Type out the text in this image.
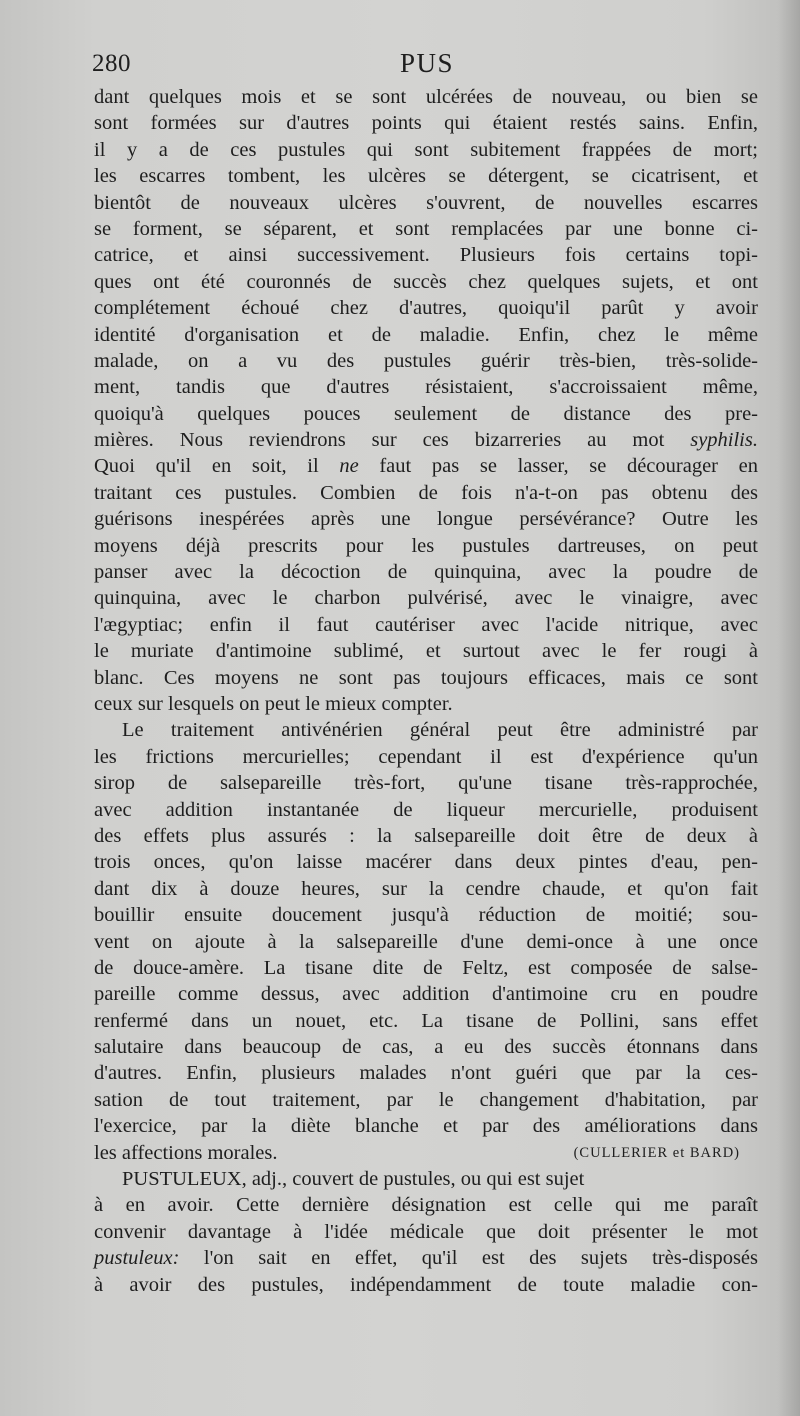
280	PUS
dant quelques mois et se sont ulcérées de nouveau, ou bien se
sont formées sur d'autres points qui étaient restés sains. Enfin,
il y a de ces pustules qui sont subitement frappées de mort;
les escarres tombent, les ulcères se détergent, se cicatrisent, et
bientôt de nouveaux ulcères s'ouvrent, de nouvelles escarres
se forment, se séparent, et sont remplacées par une bonne ci-
catrice, et ainsi successivement. Plusieurs fois certains topi-
ques ont été couronnés de succès chez quelques sujets, et ont
complétement échoué chez d'autres, quoiqu'il parût y avoir
identité d'organisation et de maladie. Enfin, chez le même
malade, on a vu des pustules guérir très-bien, très-solide-
ment, tandis que d'autres résistaient, s'accroissaient même,
quoiqu'à quelques pouces seulement de distance des pre-
mières. Nous reviendrons sur ces bizarreries au mot syphilis.
Quoi qu'il en soit, il ne faut pas se lasser, se décourager en
traitant ces pustules. Combien de fois n'a-t-on pas obtenu des
guérisons inespérées après une longue persévérance? Outre les
moyens déjà prescrits pour les pustules dartreuses, on peut
panser avec la décoction de quinquina, avec la poudre de
quinquina, avec le charbon pulvérisé, avec le vinaigre, avec
l'ægyptiac; enfin il faut cautériser avec l'acide nitrique, avec
le muriate d'antimoine sublimé, et surtout avec le fer rougi à
blanc. Ces moyens ne sont pas toujours efficaces, mais ce sont
ceux sur lesquels on peut le mieux compter.
Le traitement antivénérien général peut être administré par
les frictions mercurielles; cependant il est d'expérience qu'un
sirop de salsepareille très-fort, qu'une tisane très-rapprochée,
avec addition instantanée de liqueur mercurielle, produisent
des effets plus assurés : la salsepareille doit être de deux à
trois onces, qu'on laisse macérer dans deux pintes d'eau, pen-
dant dix à douze heures, sur la cendre chaude, et qu'on fait
bouillir ensuite doucement jusqu'à réduction de moitié; sou-
vent on ajoute à la salsepareille d'une demi-once à une once
de douce-amère. La tisane dite de Feltz, est composée de salse-
pareille comme dessus, avec addition d'antimoine cru en poudre
renfermé dans un nouet, etc. La tisane de Pollini, sans effet
salutaire dans beaucoup de cas, a eu des succès étonnans dans
d'autres. Enfin, plusieurs malades n'ont guéri que par la ces-
sation de tout traitement, par le changement d'habitation, par
l'exercice, par la diète blanche et par des améliorations dans
les affections morales.	(CULLERIER et BARD)
PUSTULEUX, adj., couvert de pustules, ou qui est sujet
à en avoir. Cette dernière désignation est celle qui me paraît
convenir davantage à l'idée médicale que doit présenter le mot
pustuleux: l'on sait en effet, qu'il est des sujets très-disposés
à avoir des pustules, indépendamment de toute maladie con-
